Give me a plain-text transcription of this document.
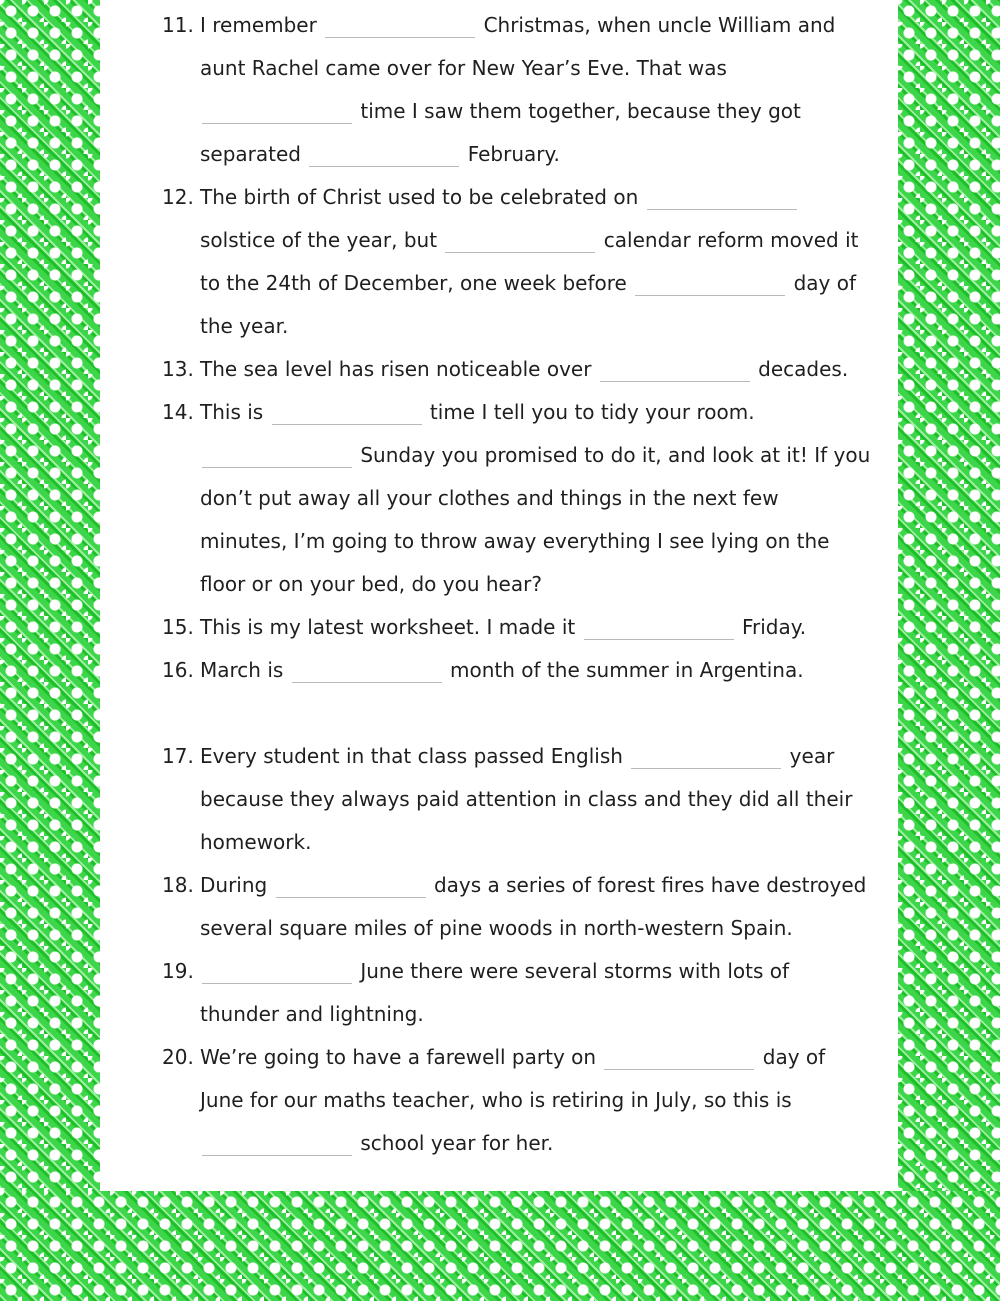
11. I remember	Christmas, when uncle William and
aunt Rachel came over for New Year’s Eve. That was
time I saw them together, because they got
separated	February.
12. The birth of Christ used to be celebrated on
solstice of the year, but	calendar reform moved it
to the 24th of December, one week before	day of
the year.
13. The sea level has risen noticeable over	decades.
14. This is	time I tell you to tidy your room.
Sunday you promised to do it, and look at it! If you
don’t put away all your clothes and things in the next few
minutes, I’m going to throw away everything I see lying on the
floor or on your bed, do you hear?
15. This is my latest worksheet. I made it	Friday.
16. March is	month of the summer in Argentina.
17. Every student in that class passed English	year
because they always paid attention in class and they did all their
homework.
18. During	days a series of forest fires have destroyed
several square miles of pine woods in north-western Spain.
19.	June there were several storms with lots of
thunder and lightning.
20. We’re going to have a farewell party on	day of
June for our maths teacher, who is retiring in July, so this is
school year for her.
